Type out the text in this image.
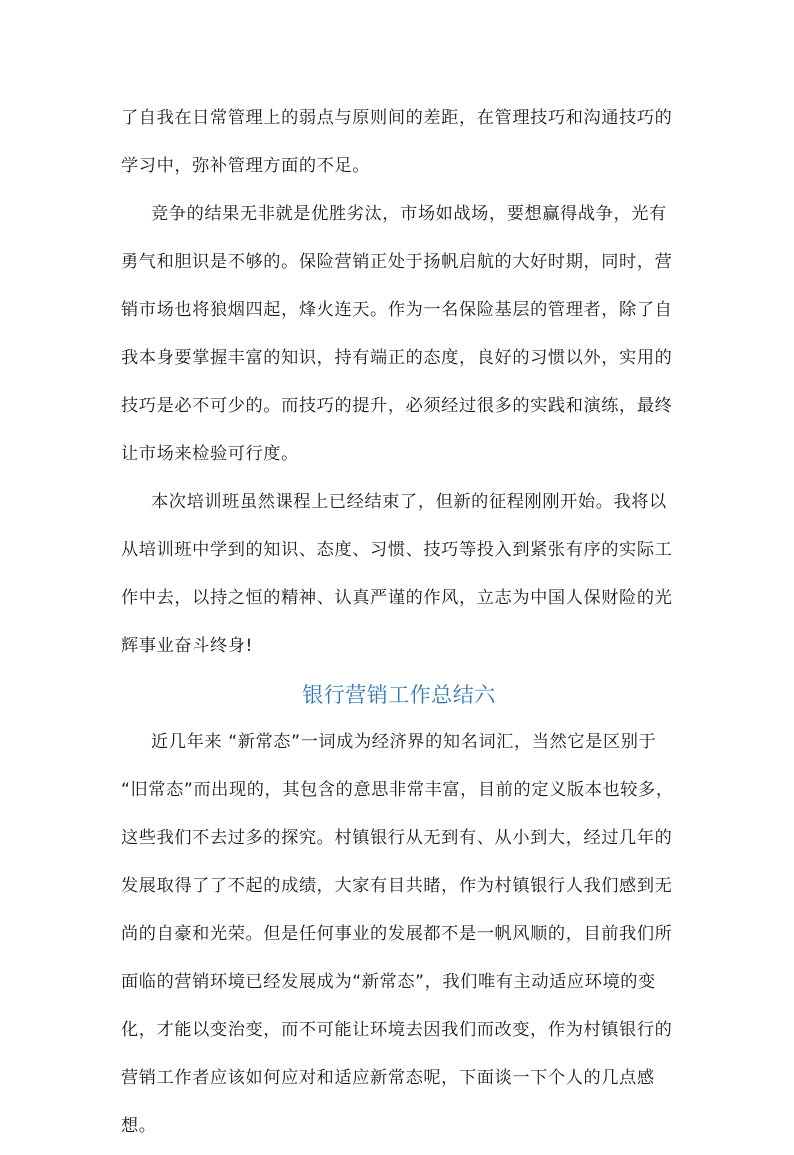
了自我在日常管理上的弱点与原则间的差距，在管理技巧和沟通技巧的
学习中，弥补管理方面的不足。
竞争的结果无非就是优胜劣汰，市场如战场，要想赢得战争，光有
勇气和胆识是不够的。保险营销正处于扬帆启航的大好时期，同时，营
销市场也将狼烟四起，烽火连天。作为一名保险基层的管理者，除了自
我本身要掌握丰富的知识，持有端正的态度，良好的习惯以外，实用的
技巧是必不可少的。而技巧的提升，必须经过很多的实践和演练，最终
让市场来检验可行度。
本次培训班虽然课程上已经结束了，但新的征程刚刚开始。我将以
从培训班中学到的知识、态度、习惯、技巧等投入到紧张有序的实际工
作中去，以持之恒的精神、认真严谨的作风，立志为中国人保财险的光
辉事业奋斗终身!
银行营销工作总结六
近几年来 “新常态”一词成为经济界的知名词汇，当然它是区别于
“旧常态”而出现的，其包含的意思非常丰富，目前的定义版本也较多，
这些我们不去过多的探究。村镇银行从无到有、从小到大，经过几年的
发展取得了了不起的成绩，大家有目共睹，作为村镇银行人我们感到无
尚的自豪和光荣。但是任何事业的发展都不是一帆风顺的，目前我们所
面临的营销环境已经发展成为“新常态”，我们唯有主动适应环境的变
化，才能以变治变，而不可能让环境去因我们而改变，作为村镇银行的
营销工作者应该如何应对和适应新常态呢，下面谈一下个人的几点感
想。
